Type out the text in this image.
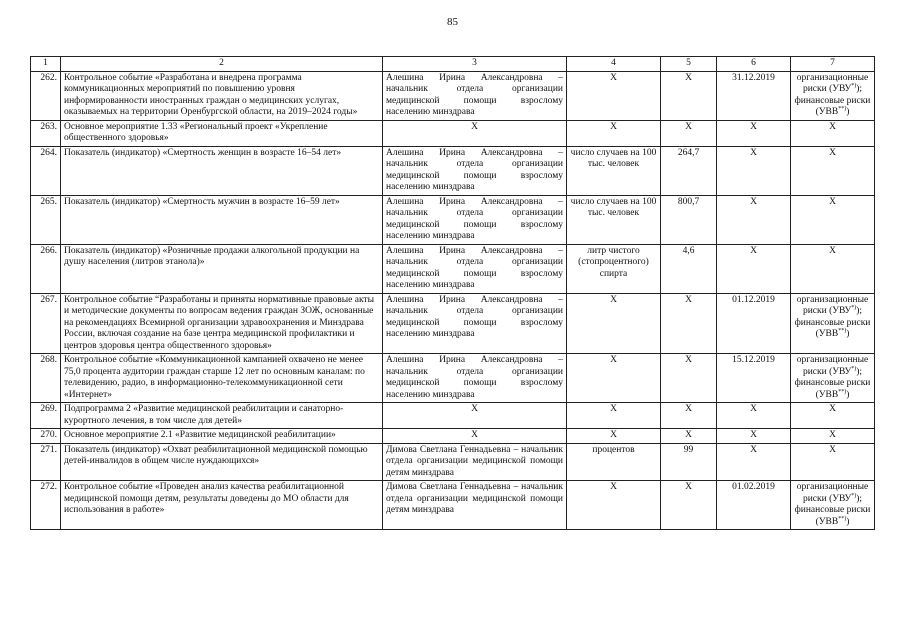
85
1	2	3	4	5	6	7
262.	Контрольное событие «Разработана и внедрена программа коммуникационных мероприятий по повышению уровня информированности иностранных граждан о медицинских услугах, оказываемых на территории Оренбургской области, на 2019–2024 годы»	Алешина Ирина Александровна – начальник отдела организации медицинской помощи взрослому населению минздрава	X	X	31.12.2019	организационные риски (УВУ*));
финансовые риски (УВВ**))
263.	Основное мероприятие 1.33 «Региональный проект «Укрепление общественного здоровья»	X	X	X	X	X
264.	Показатель (индикатор) «Смертность женщин в возрасте 16–54 лет»	Алешина Ирина Александровна – начальник отдела организации медицинской помощи взрослому населению минздрава	число случаев на 100 тыс. человек	264,7	X	X
265.	Показатель (индикатор) «Смертность мужчин в возрасте 16–59 лет»	Алешина Ирина Александровна – начальник отдела организации медицинской помощи взрослому населению минздрава	число случаев на 100 тыс. человек	800,7	X	X
266.	Показатель (индикатор) «Розничные продажи алкогольной продукции на душу населения (литров этанола)»	Алешина Ирина Александровна – начальник отдела организации медицинской помощи взрослому населению минздрава	литр чистого (стопроцентного) спирта	4,6	X	X
267.	Контрольное событие “Разработаны и приняты нормативные правовые акты и методические документы по вопросам ведения граждан ЗОЖ, основанные на рекомендациях Всемирной организации здравоохранения и Минздрава России, включая создание на базе центра медицинской профилактики и центров здоровья центра общественного здоровья»	Алешина Ирина Александровна – начальник отдела организации медицинской помощи взрослому населению минздрава	X	X	01.12.2019	организационные риски (УВУ*));
финансовые риски (УВВ**))
268.	Контрольное событие «Коммуникационной кампанией охвачено не менее 75,0 процента аудитории граждан старше 12 лет по основным каналам: по телевидению, радио, в информационно-телекоммуникационной сети «Интернет»	Алешина Ирина Александровна – начальник отдела организации медицинской помощи взрослому населению минздрава	X	X	15.12.2019	организационные риски (УВУ*));
финансовые риски (УВВ**))
269.	Подпрограмма 2 «Развитие медицинской реабилитации и санаторно-курортного лечения, в том числе для детей»	X	X	X	X	X
270.	Основное мероприятие 2.1 «Развитие медицинской реабилитации»	X	X	X	X	X
271.	Показатель (индикатор) «Охват реабилитационной медицинской помощью детей-инвалидов в общем числе нуждающихся»	Димова Светлана Геннадьевна – начальник отдела организации медицинской помощи детям минздрава	процентов	99	X	X
272.	Контрольное событие «Проведен анализ качества реабилитационной медицинской помощи детям, результаты доведены до МО области для использования в работе»	Димова Светлана Геннадьевна – начальник отдела организации медицинской помощи детям минздрава	X	X	01.02.2019	организационные риски (УВУ*));
финансовые риски (УВВ**))
